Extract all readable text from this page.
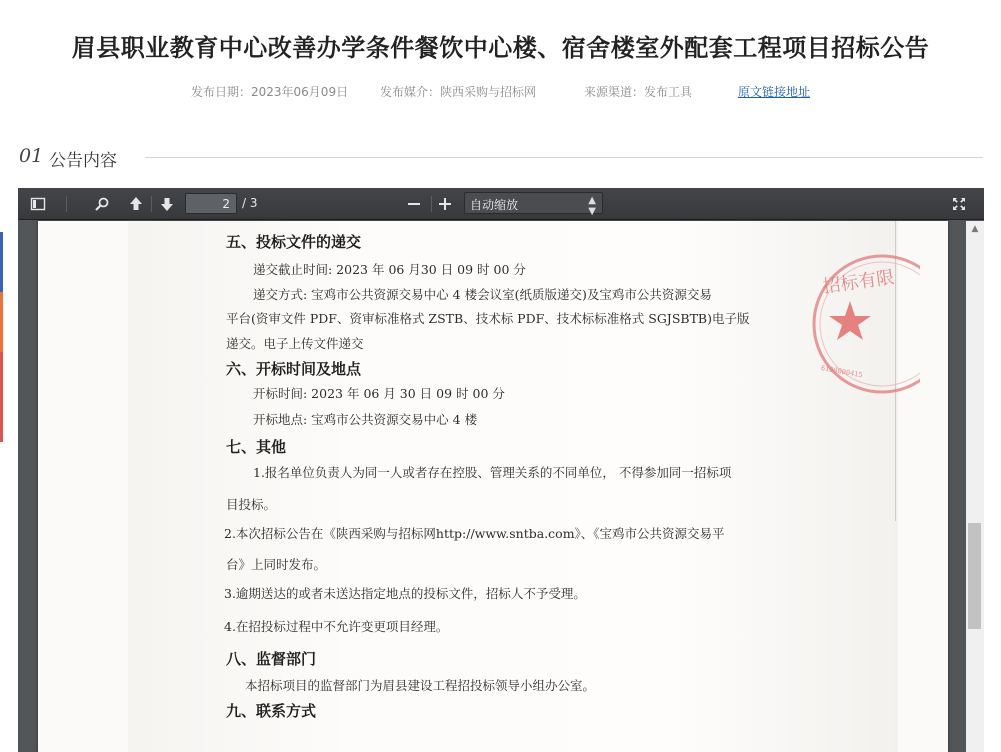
眉县职业教育中心改善办学条件餐饮中心楼、宿舍楼室外配套工程项目招标公告
发布日期：2023年06月09日	发布媒介：陕西采购与招标网	来源渠道：发布工具	原文链接地址
01 公告内容
2	/ 3	自动缩放	▲
▼
五、投标文件的递交
递交截止时间: 2023 年 06 月30 日 09 时 00 分
递交方式: 宝鸡市公共资源交易中心 4 楼会议室(纸质版递交)及宝鸡市公共资源交易
平台(资审文件 PDF、资审标准格式 ZSTB、技术标 PDF、技术标标准格式 SGJSBTB)电子版
递交。电子上传文件递交
六、开标时间及地点
开标时间: 2023 年 06 月 30 日 09 时 00 分
开标地点: 宝鸡市公共资源交易中心 4 楼
七、其他
1.报名单位负责人为同一人或者存在控股、管理关系的不同单位， 不得参加同一招标项
目投标。
2.本次招标公告在《陕西采购与招标网http://www.sntba.com》、《宝鸡市公共资源交易平
台》上同时发布。
3.逾期送达的或者未送达指定地点的投标文件，招标人不予受理。
4.在招投标过程中不允许变更项目经理。
八、监督部门
本招标项目的监督部门为眉县建设工程招投标领导小组办公室。
九、联系方式
招标有限
6100000415
▲
